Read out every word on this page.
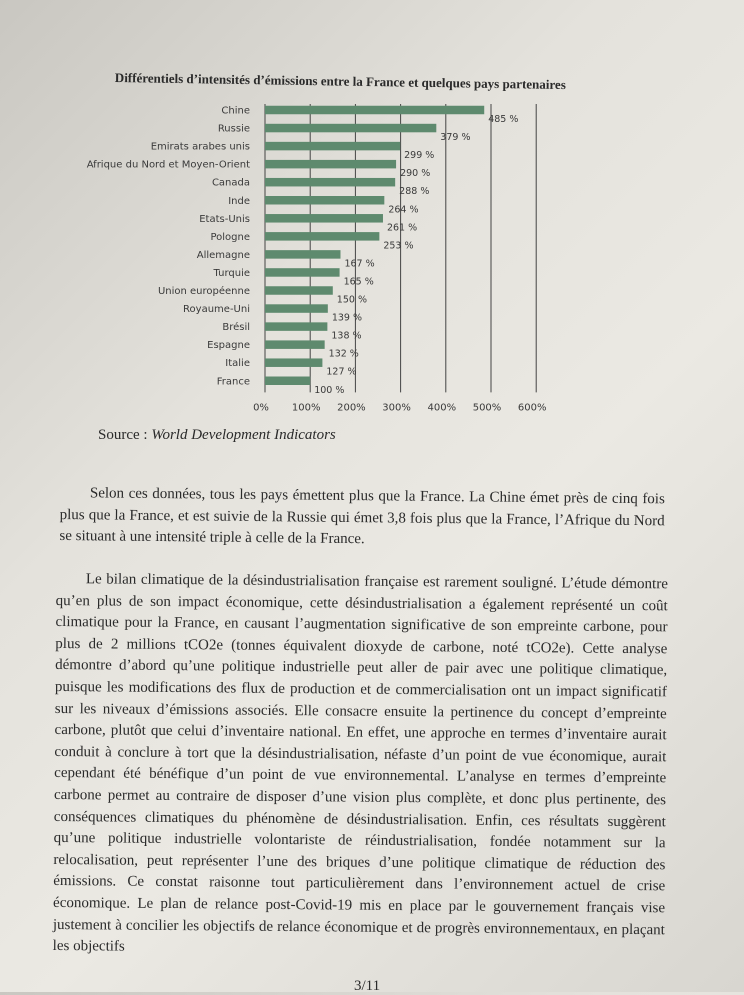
Différentiels d’intensités d’émissions entre la France et quelques pays partenaires
Chine
485 %
Russie
379 %
Emirats arabes unis
299 %
Afrique du Nord et Moyen-Orient
290 %
Canada
288 %
Inde
264 %
Etats-Unis
261 %
Pologne
253 %
Allemagne
167 %
Turquie
165 %
Union européenne
150 %
Royaume-Uni
139 %
Brésil
138 %
Espagne
132 %
Italie
127 %
France
100 %
0% 100% 200% 300% 400% 500% 600%
Source : World Development Indicators

Selon ces données, tous les pays émettent plus que la France. La Chine émet près de cinq fois plus que la France, et est suivie de la Russie qui émet 3,8 fois plus que la France, l’Afrique du Nord se situant à une intensité triple à celle de la France.

Le bilan climatique de la désindustrialisation française est rarement souligné. L’étude démontre qu’en plus de son impact économique, cette désindustrialisation a également représenté un coût climatique pour la France, en causant l’augmentation significative de son empreinte carbone, pour plus de 2 millions tCO2e (tonnes équivalent dioxyde de carbone, noté tCO2e). Cette analyse démontre d’abord qu’une politique industrielle peut aller de pair avec une politique climatique, puisque les modifications des flux de production et de commercialisation ont un impact significatif sur les niveaux d’émissions associés. Elle consacre ensuite la pertinence du concept d’empreinte carbone, plutôt que celui d’inventaire national. En effet, une approche en termes d’inventaire aurait conduit à conclure à tort que la désindustrialisation, néfaste d’un point de vue économique, aurait cependant été bénéfique d’un point de vue environnemental. L’analyse en termes d’empreinte carbone permet au contraire de disposer d’une vision plus complète, et donc plus pertinente, des conséquences climatiques du phénomène de désindustrialisation. Enfin, ces résultats suggèrent qu’une politique industrielle volontariste de réindustrialisation, fondée notamment sur la relocalisation, peut représenter l’une des briques d’une politique climatique de réduction des émissions. Ce constat raisonne tout particulièrement dans l’environnement actuel de crise économique. Le plan de relance post-Covid-19 mis en place par le gouvernement français vise justement à concilier les objectifs de relance économique et de progrès environnementaux, en plaçant les objectifs

3/11
